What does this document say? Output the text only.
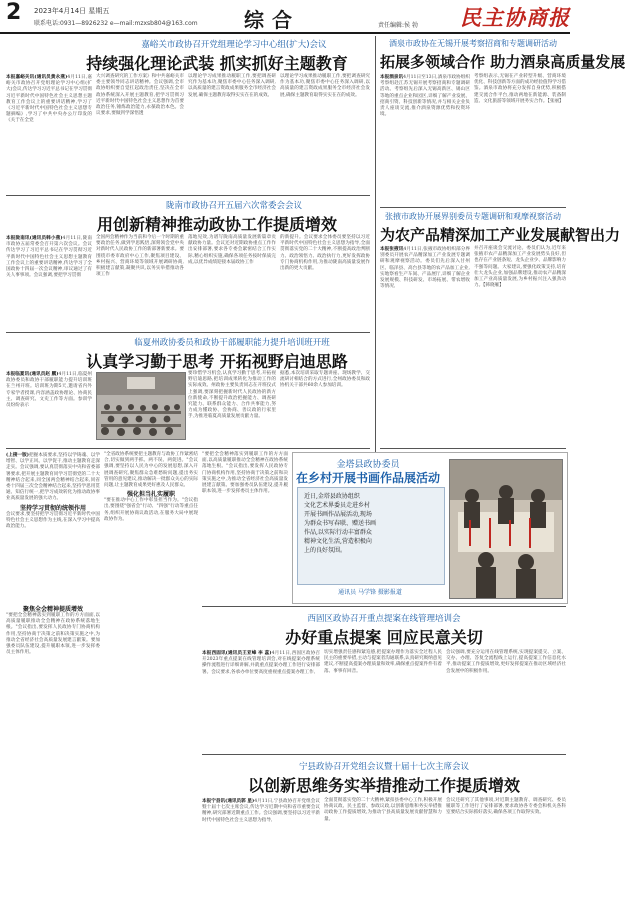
2 2023年4月14日 星期五
联系电话:0931—8926232 e—mail:mzxsb804@163.com 综合	责任编辑:侯 勃 民主协商报
嘉峪关市政协召开党组理论学习中心组(扩大)会议
持续强化理论武装 抓实抓好主题教育
本报嘉峪关讯(通讯员黄永燕)4月11日,嘉峪关市政协召开党组理论学习中心组(扩大)会议,传达学习习近平总书记在学习贯彻习近平新时代中国特色社会主义思想主题教育工作会议上的重要讲话精神,学习了《习近平新时代中国特色社会主义思想专题摘编》,学习了中共中央办公厅印发的《关于在全党
大兴调查研究的工作方案》和中共嘉峪关市委主要领导同志讲话精神。会议强调,全市政协组织要自觉扛起政治责任,坚决在全市政协系统深入开展主题教育,把学习贯彻习近平新时代中国特色社会主义思想作为首要政治任务,锤炼政治能力,永葆政治本色。会议要求,要做到学深悟透
以理论学习成果推动履职工作,要把调查研究作为基本功,聚焦市委中心任务深入调研,以高质量的建言资政成果服务全市经济社会发展,确保主题教育取得实实在在的成效。
以理论学习成果推动履职工作,要把调查研究作为基本功,聚焦市委中心任务深入调研,以高质量的建言资政成果服务全市经济社会发展,确保主题教育取得实实在在的成效。
陇南市政协召开五届六次常委会会议
用创新精神推动政协工作提质增效
本报陇南讯(通讯员韩小燕)4月11日,陇南市政协五届常委会召开第六次会议。会议传达学习了习近平总书记在学习贯彻习近平新时代中国特色社会主义思想主题教育工作会议上的重要讲话精神,传达学习了全国政协十四届一次会议精神,审议通过了有关人事事项。会议强调,要把学习贯彻
全国两会精神作为当前和今后一个时期的重要政治任务,做到学思践悟,深刻领会党中央对新时代人民政协工作的新部署新要求。要围绕市委市政府中心工作,聚焦项目建设、乡村振兴、营商环境等领域开展调研协商,积极建言献策,凝聚共识,以务实举措推动各项工作
落地见效,为谱写陇南高质量发展新篇章贡献政协力量。会议还对近期政协重点工作作出安排部署,要求各专委会紧密结合工作实际,精心组织实施,确保各项任务按时保质完成,以优异成绩迎接本届政协工作
的新提升。会议要求全体委员要坚持以习近平新时代中国特色社会主义思想为指导,全面贯彻落实党的二十大精神,不断提高政治判断力、政治领悟力、政治执行力,更好发挥政协专门协商机构作用,为推动陇南高质量发展作出新的更大贡献。
临夏州政协委员和政协干部履职能力提升培训班开班
认真学习勤于思考 开拓视野启迪思路
本报临夏讯(通讯员赵 鹏)4月11日,临夏州政协委员和政协干部履职能力提升培训班在兰州开班。培训班为期5天,邀请省内外专家学者授课,内容涵盖政协理论、协商民主、调查研究、文史工作等方面。参训学员纷纷表示
要珍惜学习机会,认真学习勤于思考,开拓视野启迪思路,把培训成果转化为推动工作的实际成效。州政协主要负责同志在开班仪式上强调,要深刻把握新时代人民政协的新方位新使命,不断提升政治把握能力、调查研究能力、联系群众能力、合作共事能力,努力成为懂政协、会协商、善议政的行家里手,为推进临夏高质量发展贡献力量。
据悉,本次培训采取专题讲座、现场教学、交流研讨相结合的方式进行,全州政协委员和政协机关干部共60余人参加培训。
(上接一版)把握本质要求,坚持以学铸魂、以学增智、以学正风、以学促干,推动主题教育走深走实。会议强调,要认真贯彻落实中央和省委部署要求,把开展主题教育同学习贯彻党的二十大精神结合起来,同全国两会精神结合起来,同省委十四届三次全会精神结合起来,坚持学思用贯通、知信行统一,把学习成效转化为推动政协事业高质量发展的强大动力。
坚持学习贯彻的统领作用
会议要求,要坚持把学习贯彻习近平新时代中国特色社会主义思想作为主线,在深入学习中提高政治能力。
聚焦全会精神提质增效
"要把全会精神落实到履职工作的方方面面,以高质量履职推动全会精神在政协系统落地生根。"会议指出,要发挥人民政协专门协商机构作用,坚持协商于决策之前和决策实施之中,为推动全省经济社会高质量发展建言献策。要加强委员队伍建设,提升履职本领,进一步发挥委员主体作用。
"全省政协系统要把主题教育与政协工作紧密结合,切实做到两手抓、两不误、两促进。"会议强调,要坚持以人民为中心的发展思想,深入开展调查研究,聚焦群众急难愁盼问题,提出务实管用的意见建议,推动解决一批群众关心的实际问题,让主题教育成果更好惠及人民群众。
强化担当扎实履职
"要在推动中心工作中彰显担当作为。"会议指出,要围绕"强省会"行动、"四强"行动等重点任务,组织开展协商议政活动,在服务大局中展现政协作为。
"要把全会精神落实到履职工作的方方面面,以高质量履职推动全会精神在政协系统落地生根。"会议指出,要发挥人民政协专门协商机构作用,坚持协商于决策之前和决策实施之中,为推动全省经济社会高质量发展建言献策。要加强委员队伍建设,提升履职本领,进一步发挥委员主体作用。
酒泉市政协在无锡开展考察招商和专题调研活动
拓展多领域合作 助力酒泉高质量发展
本报酒泉讯4月11日至13日,酒泉市政协组织考察组赴江苏无锡开展考察招商和专题调研活动。考察组先后深入无锡高新区、锡山区等地的重点企业和园区,详细了解产业发展、招商引资、科技创新等情况,并与相关企业负责人座谈交流,推介酒泉资源优势和投资环境。
考察组表示,无锡在产业转型升级、营商环境优化、科技创新等方面的成功经验值得学习借鉴。酒泉市政协将充分发挥自身优势,积极搭建交流合作平台,推动两地在新能源、装备制造、文化旅游等领域开展务实合作。【张丽】
张掖市政协开展界别委员专题调研和观摩视察活动
为农产品精深加工产业发展献智出力
本报张掖讯4月11日,张掖市政协组织部分界别委员开展农产品精深加工产业发展专题调研和观摩视察活动。委员们先后深入甘州区、临泽县、高台县等地的农产品加工企业,实地察看生产车间、产品展厅,详细了解企业发展规模、科技研发、市场拓展、带农增收等情况,
并召开座谈会交流讨论。委员们认为,近年来张掖市农产品精深加工产业发展势头良好,但也存在产业链条短、龙头企业少、品牌影响力不强等问题。大家建议,要强化政策支持,培育壮大龙头企业,加强品牌建设,推动农产品精深加工产业高质量发展,为乡村振兴注入强劲动力。【韩晓雁】
金塔县政协委员
在乡村开展书画作品展活动
近日,金塔县政协组织
文化艺术界委员走进乡村
开展书画作品展活动,现场
为群众书写春联、赠送书画
作品,以实际行动丰富群众
精神文化生活,营造积极向
上的良好氛围。
通讯员 马学锋 摄影报道
西固区政协召开重点提案在线管理培训会
办好重点提案 回应民意关切
本报西固讯(通讯员王亚峰 李 蕊)4月11日,西固区政协召开2023年重点提案在线管理培训会,对在线提案办理系统操作流程进行详细讲解,并就重点提案办理工作进行安排部署。会议要求,各承办单位要高度重视重点提案办理工作,
切实增强责任感和紧迫感,把提案办理作为落实全过程人民民主的重要举措,主动与提案者沟通联系,认真研究吸纳意见建议,不断提高提案办理质量和效率,确保重点提案件件有着落、事事有回音。
会议强调,要充分运用在线管理系统,实现提案提交、立案、交办、办理、答复全流程线上运行,提高提案工作信息化水平,推动提案工作提质增效,更好发挥提案在推动区域经济社会发展中的积极作用。
宁县政协召开党组会议暨十届十七次主席会议
以创新思维务实举措推动工作提质增效
本报宁县讯(通讯员郭 星)4月11日,宁县政协召开党组会议暨十届十七次主席会议,传达学习近期中央和省市重要会议精神,研究部署近期重点工作。会议强调,要坚持以习近平新时代中国特色社会主义思想为指导,
全面贯彻落实党的二十大精神,紧扣县委中心工作,积极开展协商议政、民主监督、参政议政,以创新思维和务实举措推动政协工作提质增效,为推动宁县高质量发展贡献智慧和力量。
会议还研究了其他事项,对近期主题教育、调查研究、委员履职等工作进行了安排部署,要求政协各专委会和机关各科室要结合实际抓好落实,确保各项工作取得实效。
